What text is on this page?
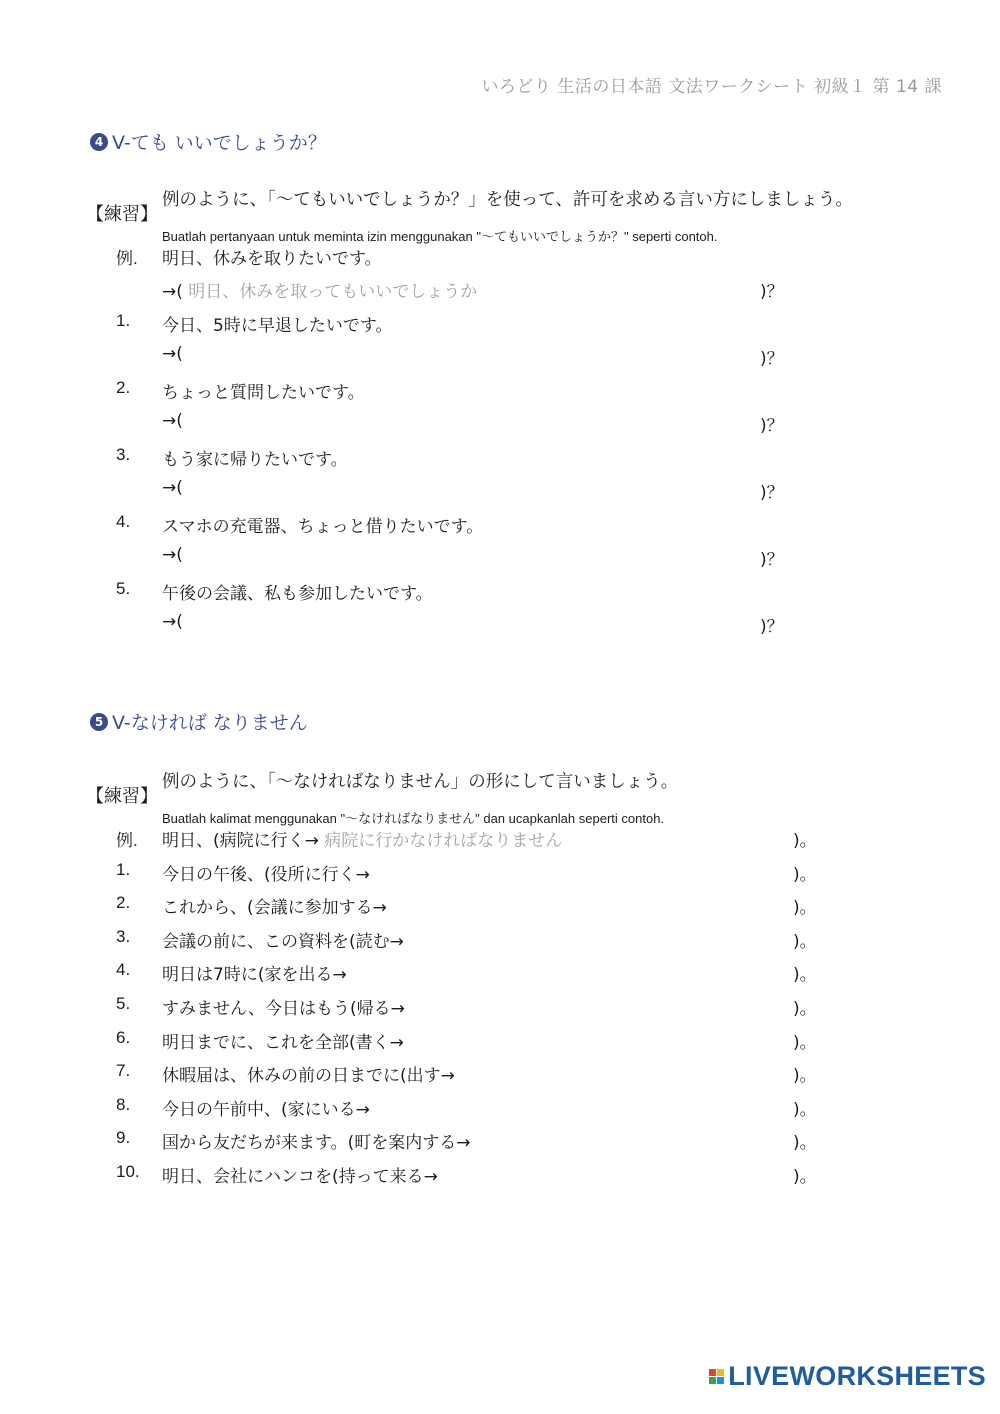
いろどり 生活の日本語 文法ワークシート 初級１ 第 14 課
4 V-ても いいでしょうか？
【練習】
例のように、「～てもいいでしょうか？」を使って、許可を求める言い方にしましょう。
Buatlah pertanyaan untuk meminta izin menggunakan "～てもいいでしょうか？" seperti contoh.
例. 明日、休みを取りたいです。
→( 明日、休みを取ってもいいでしょうか	)？
1. 今日、5時に早退したいです。
→(	)？
2. ちょっと質問したいです。
→(	)？
3. もう家に帰りたいです。
→(	)？
4. スマホの充電器、ちょっと借りたいです。
→(	)？
5. 午後の会議、私も参加したいです。
→(	)？
5 V-なければ なりません
【練習】
例のように、「～なければなりません」の形にして言いましょう。
Buatlah kalimat menggunakan "～なければなりません" dan ucapkanlah seperti contoh.
例. 明日、(病院に行く→ 病院に行かなければなりません	)。
1. 今日の午後、(役所に行く→	)。
2. これから、(会議に参加する→	)。
3. 会議の前に、この資料を(読む→	)。
4. 明日は7時に(家を出る→	)。
5. すみません、今日はもう(帰る→	)。
6. 明日までに、これを全部(書く→	)。
7. 休暇届は、休みの前の日までに(出す→	)。
8. 今日の午前中、(家にいる→	)。
9. 国から友だちが来ます。(町を案内する→	)。
10. 明日、会社にハンコを(持って来る→	)。
LIVEWORKSHEETS
